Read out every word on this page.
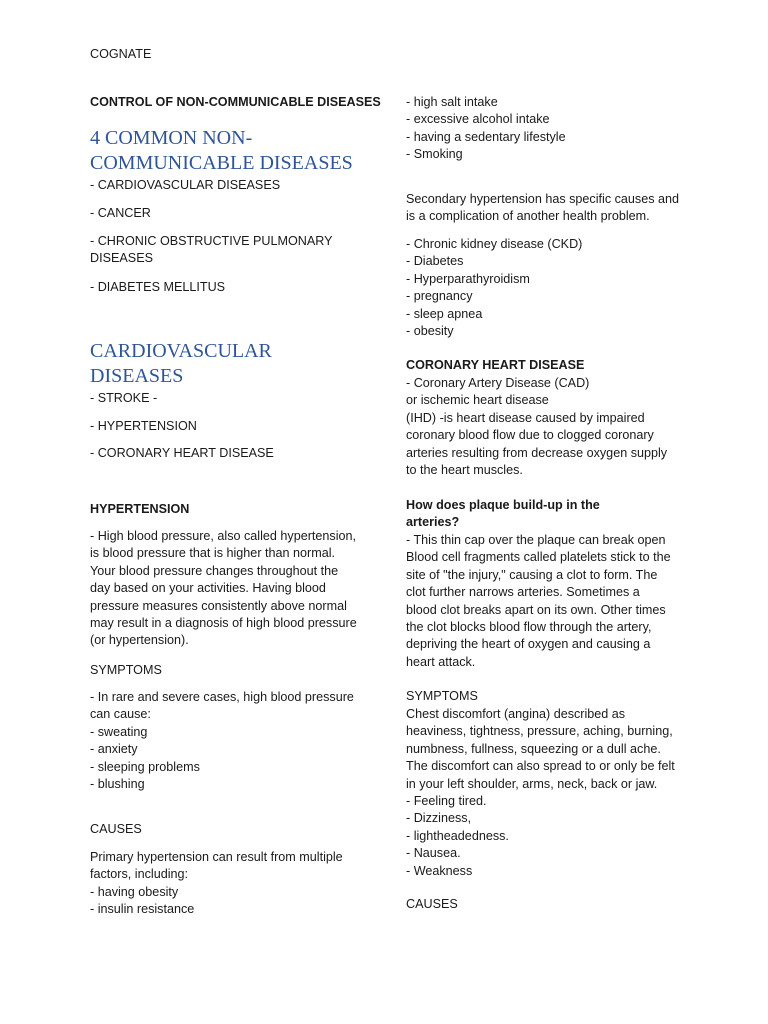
COGNATE
CONTROL OF NON-COMMUNICABLE DISEASES
4 COMMON NON-
COMMUNICABLE DISEASES
- CARDIOVASCULAR DISEASES
- CANCER
- CHRONIC OBSTRUCTIVE PULMONARY
DISEASES
- DIABETES MELLITUS
CARDIOVASCULAR
DISEASES
- STROKE -
- HYPERTENSION
- CORONARY HEART DISEASE
HYPERTENSION
- High blood pressure, also called hypertension,
is blood pressure that is higher than normal.
Your blood pressure changes throughout the
day based on your activities. Having blood
pressure measures consistently above normal
may result in a diagnosis of high blood pressure
(or hypertension).
SYMPTOMS
- In rare and severe cases, high blood pressure
can cause:
- sweating
- anxiety
- sleeping problems
- blushing
CAUSES
Primary hypertension can result from multiple
factors, including:
- having obesity
- insulin resistance
- high salt intake
- excessive alcohol intake
- having a sedentary lifestyle
- Smoking
Secondary hypertension has specific causes and
is a complication of another health problem.
- Chronic kidney disease (CKD)
- Diabetes
- Hyperparathyroidism
- pregnancy
- sleep apnea
- obesity
CORONARY HEART DISEASE
- Coronary Artery Disease (CAD)
or ischemic heart disease
(IHD) -is heart disease caused by impaired
coronary blood flow due to clogged coronary
arteries resulting from decrease oxygen supply
to the heart muscles.
How does plaque build-up in the
arteries?
- This thin cap over the plaque can break open
Blood cell fragments called platelets stick to the
site of "the injury," causing a clot to form. The
clot further narrows arteries. Sometimes a
blood clot breaks apart on its own. Other times
the clot blocks blood flow through the artery,
depriving the heart of oxygen and causing a
heart attack.
SYMPTOMS
Chest discomfort (angina) described as
heaviness, tightness, pressure, aching, burning,
numbness, fullness, squeezing or a dull ache.
The discomfort can also spread to or only be felt
in your left shoulder, arms, neck, back or jaw.
- Feeling tired.
- Dizziness,
- lightheadedness.
- Nausea.
- Weakness
CAUSES
